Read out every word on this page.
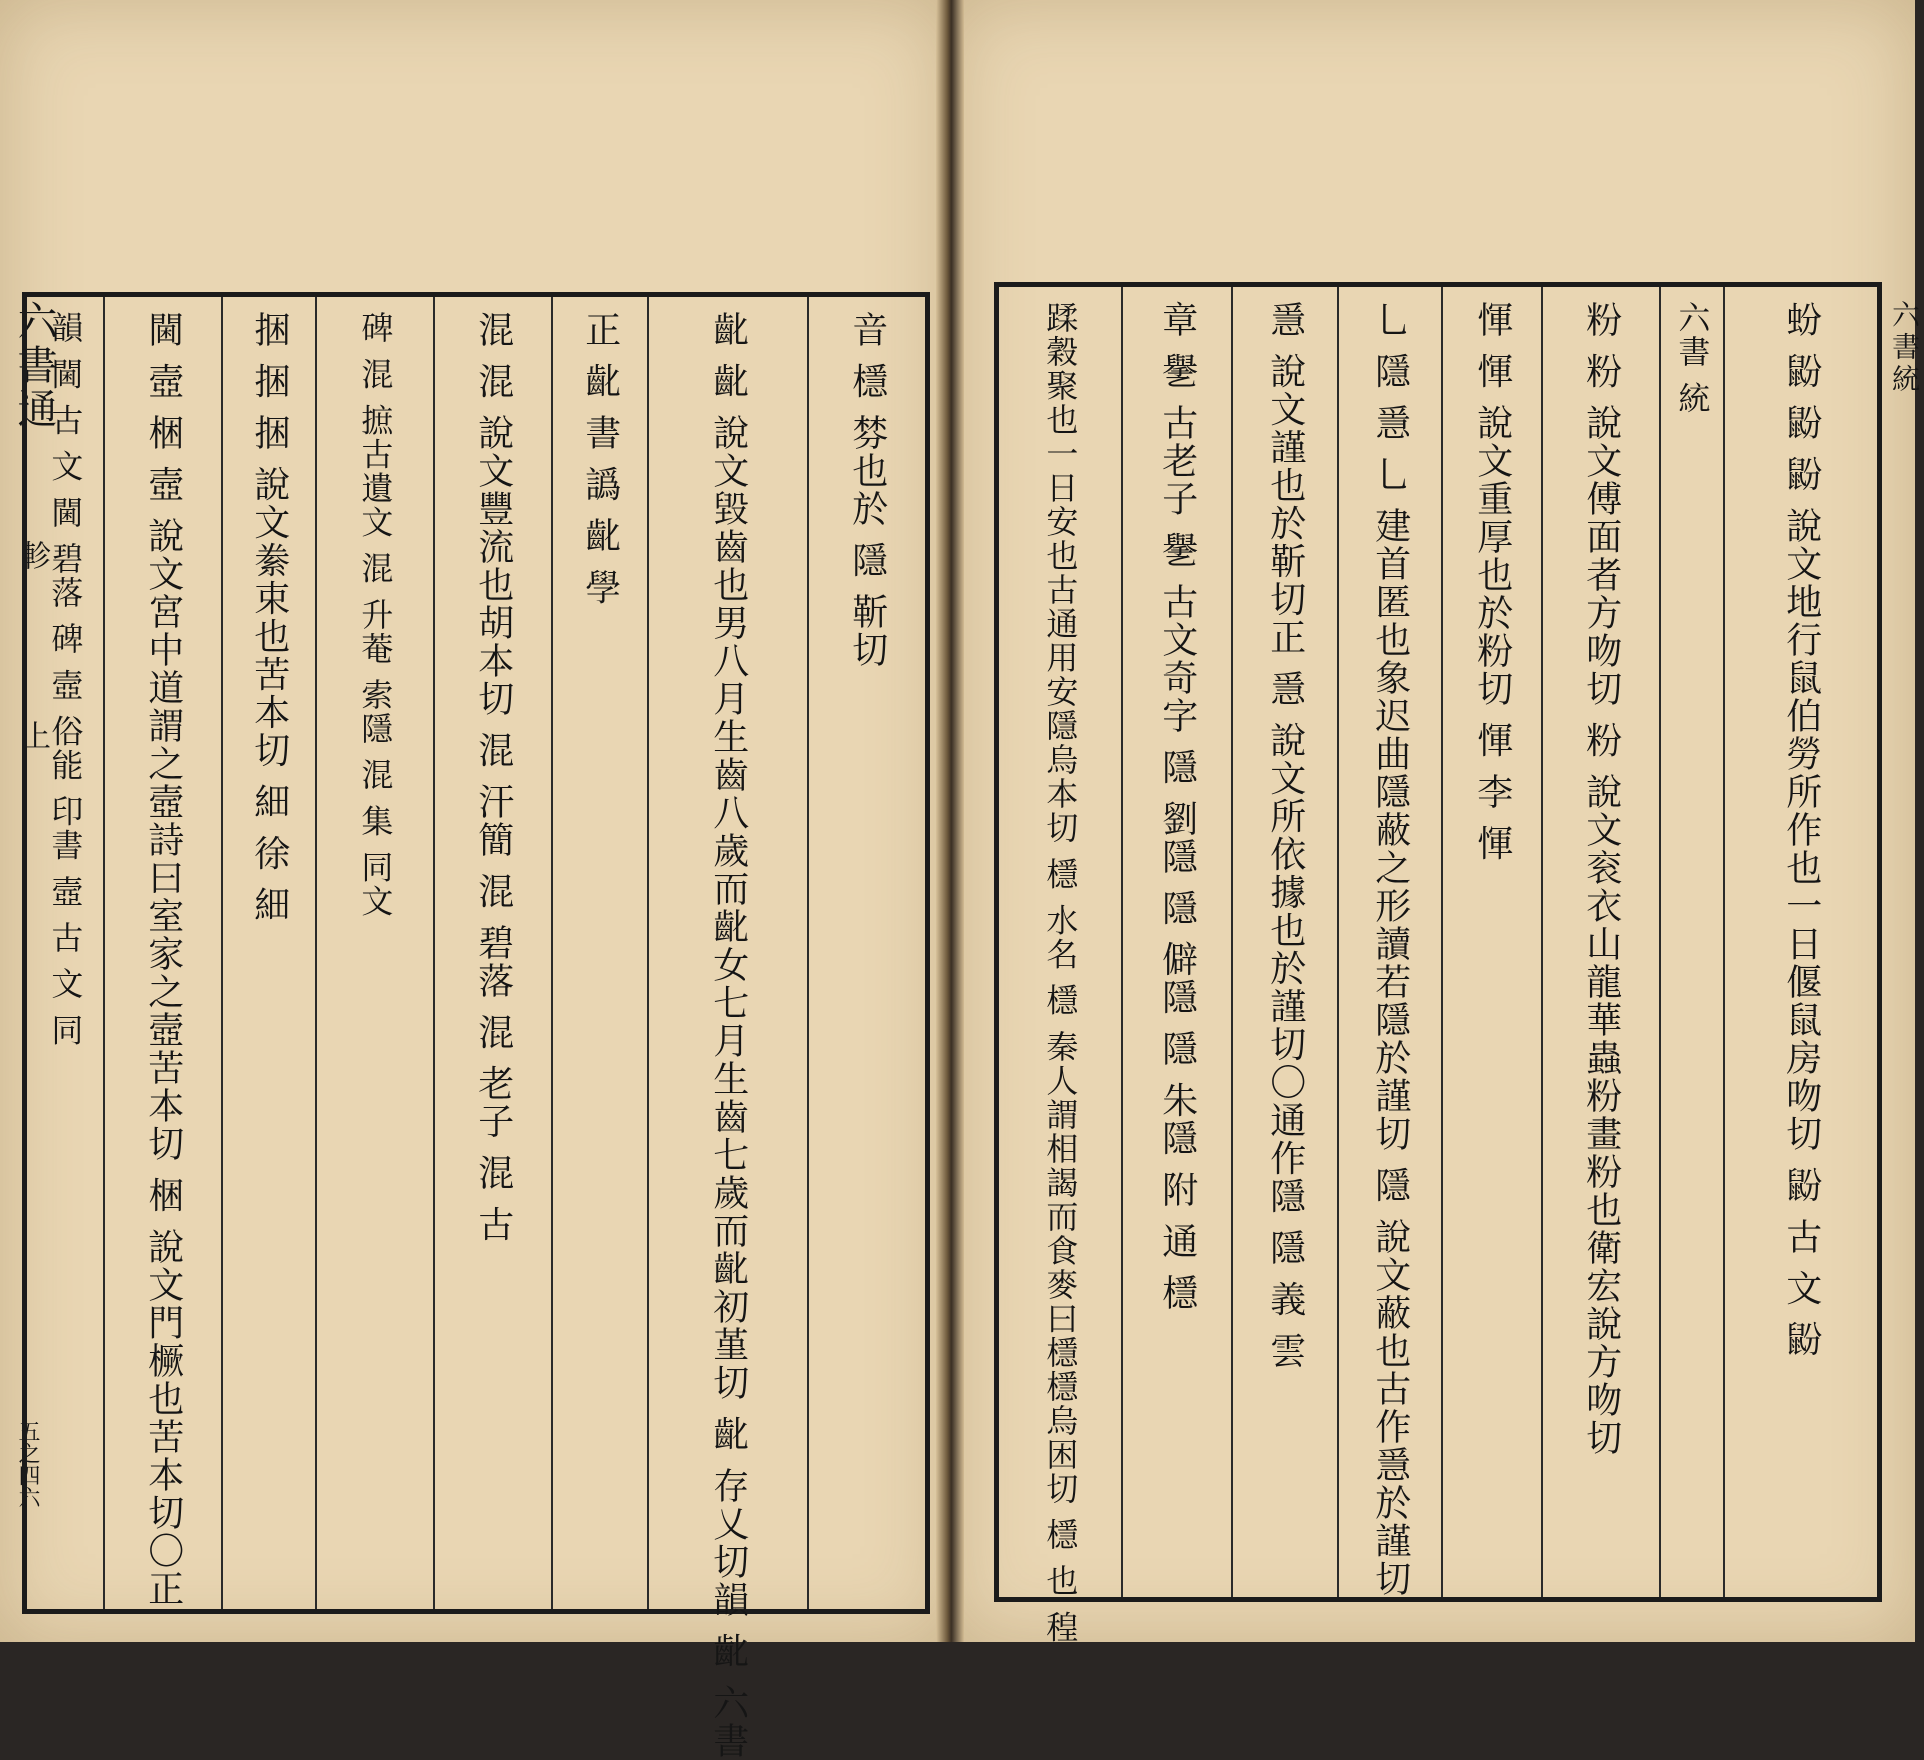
六書通
軫
上
五之四六
韻 閫 古 文 閫 碧落 碑 壼 俗能 印書 壼 古 文 同 閫 壼 梱 壼 說文宮中道謂之壼詩曰室家之壼苦本切 梱 說文門橛也苦本切〇正 捆 捆 捆 說文絭束也苦本切 細 徐 細 碑 混 摭古遺文 混 升菴 索隱 混 集 同文 混 混 說文豐流也胡本切 混 汗簡 混 碧落 混 老子 混 古 正 齔 書 譌 齔 學 齔 齔 說文毀齒也男八月生齒八歲而齔女七月生齒七歲而齔初堇切 齔 存乂切韻 齔 六書	音 檼 棼也於 隱 靳切	蹂穀聚也一日安也古通用安隱烏本切 檼 水名 檼 秦人謂相謁而食麥曰檼檼烏困切 檼 也 䅣 章 㐦 古老子 㐦 古文奇字 隱 劉隱 隱 僻隱 隱 朱隱 附 通 檼 㥯 說文謹也於靳切正 㥯 說文所依據也於謹切〇通作隱 隱 義 雲 乚 隱 㥯 乚 建首匿也象迟曲隱蔽之形讀若隱於謹切 隱 說文蔽也古作㥯於謹切 惲 惲 說文重厚也於粉切 惲 李 惲 粉 粉 說文傅面者方吻切 粉 說文衮衣山龍華蟲粉畫粉也衛宏說方吻切 六書 統 蚡 鼢 鼢 鼢 說文地行鼠伯勞所作也一日偃鼠房吻切 鼢 古 文 鼢 六書統
